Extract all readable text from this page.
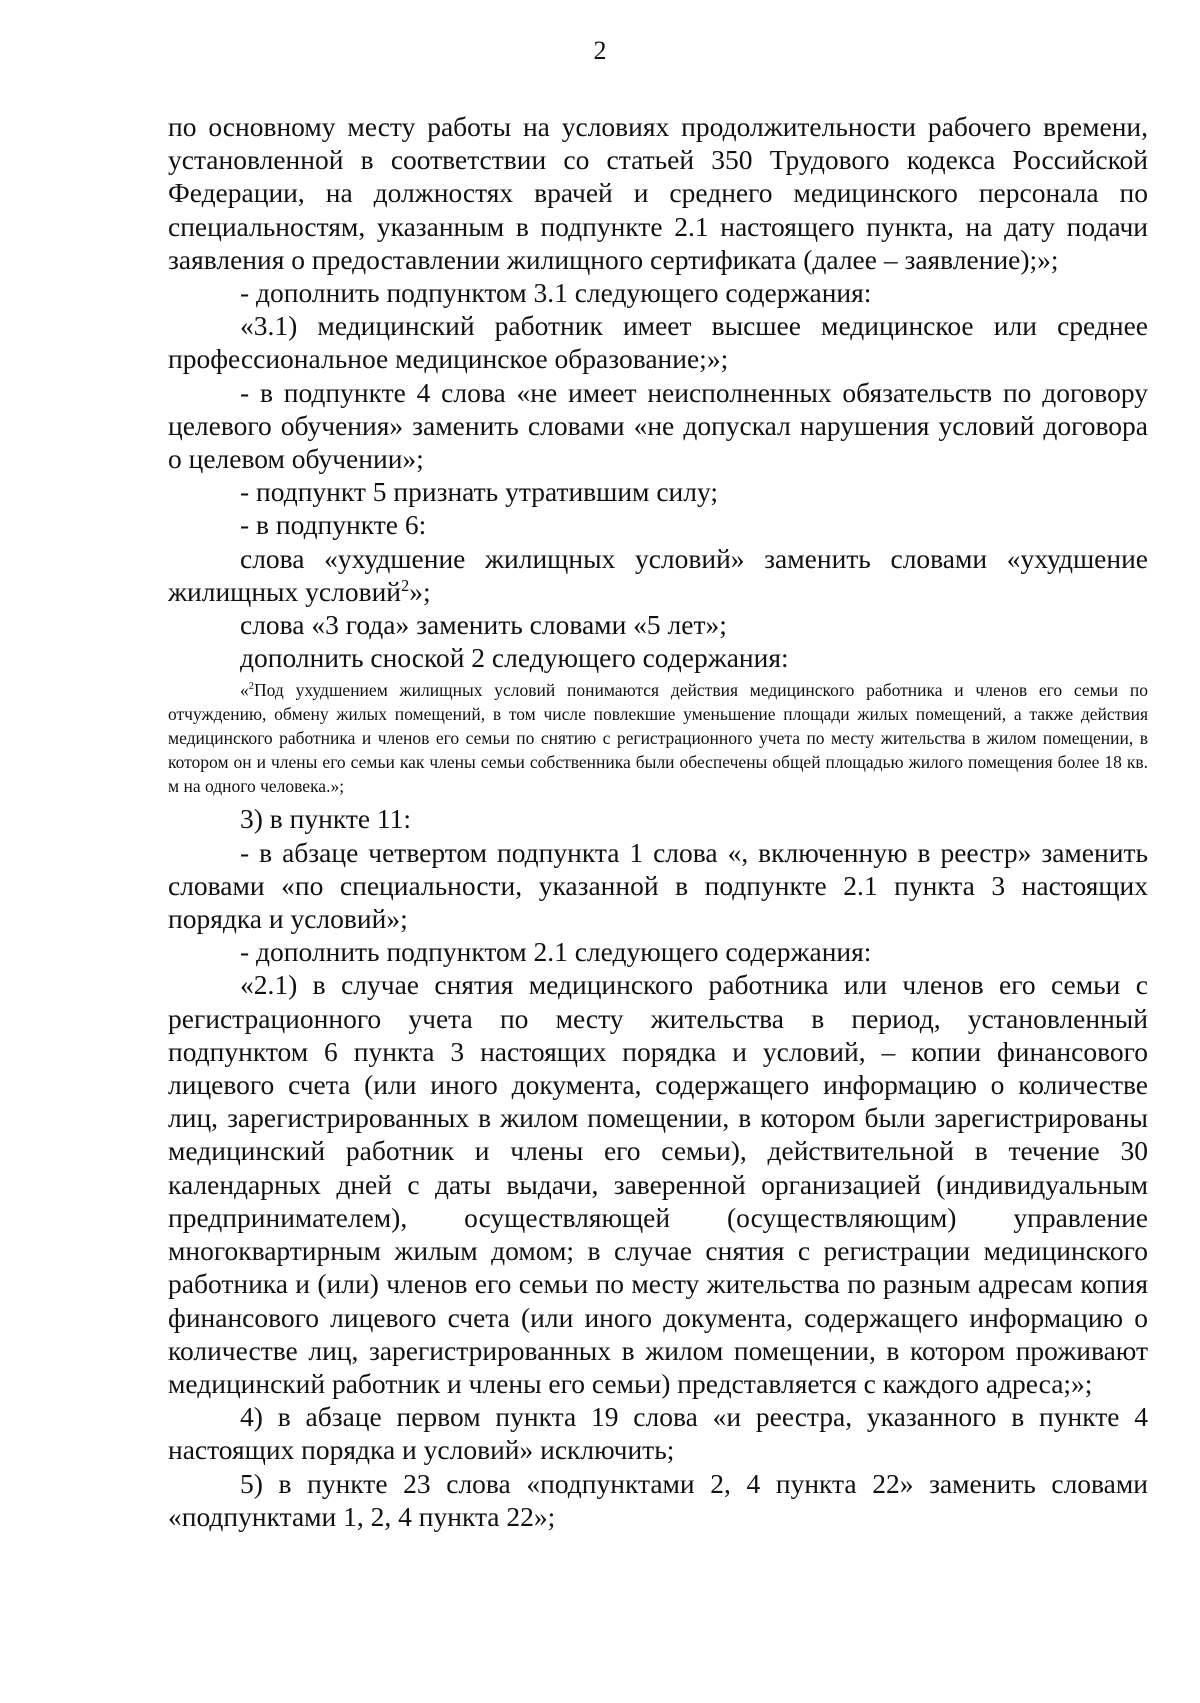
2

по основному месту работы на условиях продолжительности рабочего времени, установленной в соответствии со статьей 350 Трудового кодекса Российской Федерации, на должностях врачей и среднего медицинского персонала по специальностям, указанным в подпункте 2.1 настоящего пункта, на дату подачи заявления о предоставлении жилищного сертификата (далее – заявление);»;

- дополнить подпунктом 3.1 следующего содержания:

«3.1) медицинский работник имеет высшее медицинское или среднее профессиональное медицинское образование;»;

- в подпункте 4 слова «не имеет неисполненных обязательств по договору целевого обучения» заменить словами «не допускал нарушения условий договора о целевом обучении»;

- подпункт 5 признать утратившим силу;

- в подпункте 6:

слова «ухудшение жилищных условий» заменить словами «ухудшение жилищных условий$^2$»;

слова «3 года» заменить словами «5 лет»;

дополнить сноской 2 следующего содержания:

«$^2$Под ухудшением жилищных условий понимаются действия медицинского работника и членов его семьи по отчуждению, обмену жилых помещений, в том числе повлекшие уменьшение площади жилых помещений, а также действия медицинского работника и членов его семьи по снятию с регистрационного учета по месту жительства в жилом помещении, в котором он и члены его семьи как члены семьи собственника были обеспечены общей площадью жилого помещения более 18 кв. м на одного человека.»;

3) в пункте 11:

- в абзаце четвертом подпункта 1 слова «, включенную в реестр» заменить словами «по специальности, указанной в подпункте 2.1 пункта 3 настоящих порядка и условий»;

- дополнить подпунктом 2.1 следующего содержания:

«2.1) в случае снятия медицинского работника или членов его семьи с регистрационного учета по месту жительства в период, установленный подпунктом 6 пункта 3 настоящих порядка и условий, – копии финансового лицевого счета (или иного документа, содержащего информацию о количестве лиц, зарегистрированных в жилом помещении, в котором были зарегистрированы медицинский работник и члены его семьи), действительной в течение 30 календарных дней с даты выдачи, заверенной организацией (индивидуальным предпринимателем), осуществляющей (осуществляющим) управление многоквартирным жилым домом; в случае снятия с регистрации медицинского работника и (или) членов его семьи по месту жительства по разным адресам копия финансового лицевого счета (или иного документа, содержащего информацию о количестве лиц, зарегистрированных в жилом помещении, в котором проживают медицинский работник и члены его семьи) представляется с каждого адреса;»;

4) в абзаце первом пункта 19 слова «и реестра, указанного в пункте 4 настоящих порядка и условий» исключить;

5) в пункте 23 слова «подпунктами 2, 4 пункта 22» заменить словами «подпунктами 1, 2, 4 пункта 22»;
